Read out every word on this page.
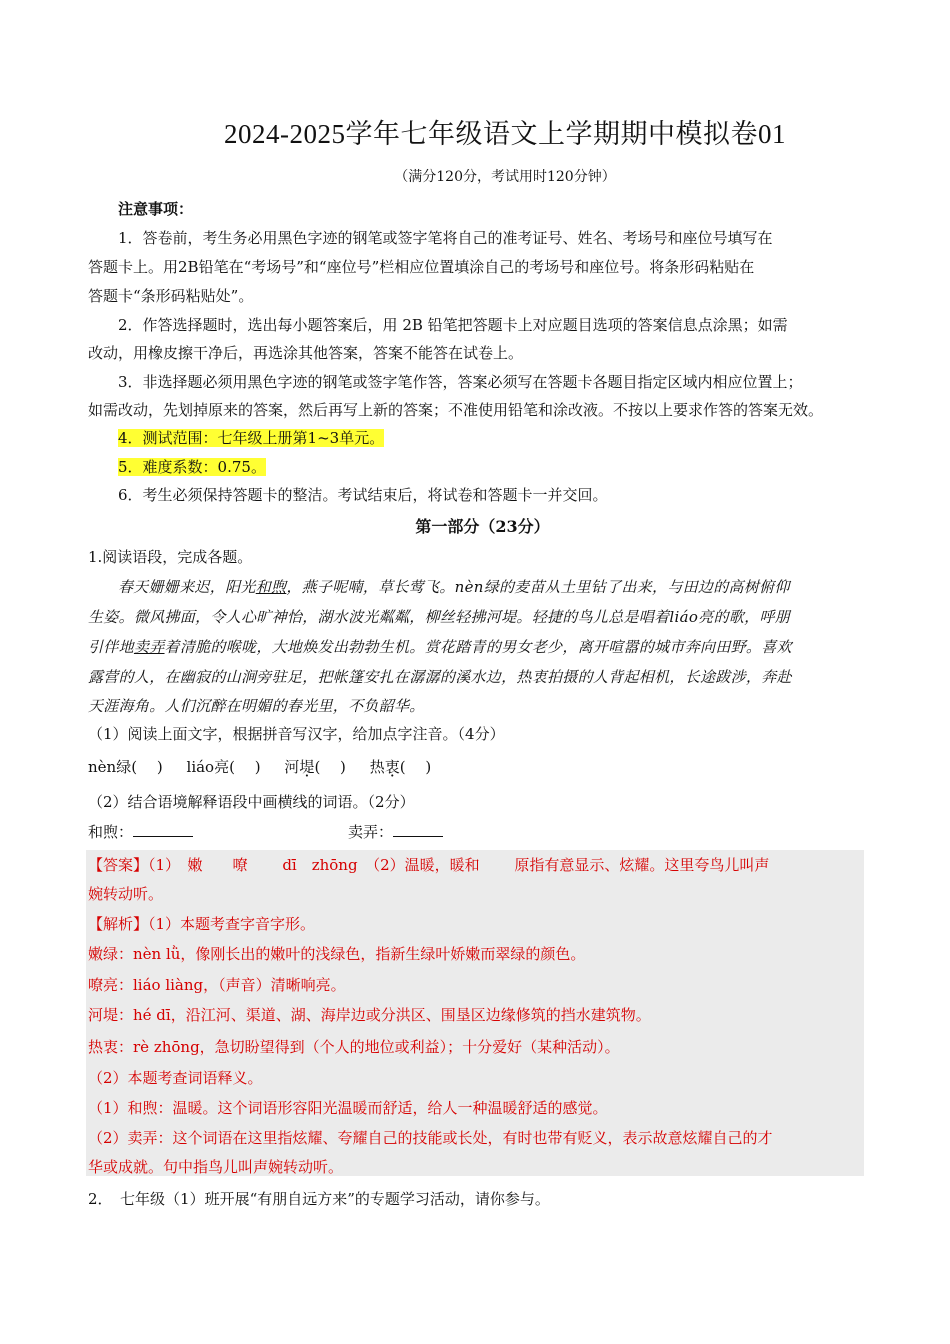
2024-2025学年七年级语文上学期期中模拟卷01
（满分120分，考试用时120分钟）
注意事项：
1．答卷前，考生务必用黑色字迹的钢笔或签字笔将自己的准考证号、姓名、考场号和座位号填写在
答题卡上。用2B铅笔在“考场号”和“座位号”栏相应位置填涂自己的考场号和座位号。将条形码粘贴在
答题卡“条形码粘贴处”。
2．作答选择题时，选出每小题答案后，用 2B 铅笔把答题卡上对应题目选项的答案信息点涂黑；如需
改动，用橡皮擦干净后，再选涂其他答案，答案不能答在试卷上。
3．非选择题必须用黑色字迹的钢笔或签字笔作答，答案必须写在答题卡各题目指定区域内相应位置上；
如需改动，先划掉原来的答案，然后再写上新的答案；不准使用铅笔和涂改液。不按以上要求作答的答案无效。
4．测试范围：七年级上册第1~3单元。
5．难度系数：0.75。
6．考生必须保持答题卡的整洁。考试结束后，将试卷和答题卡一并交回。
第一部分（23分）
1.阅读语段，完成各题。
春天姗姗来迟，阳光和煦，燕子呢喃，草长莺飞。nèn绿的麦苗从土里钻了出来，与田边的高树俯仰
生姿。微风拂面，令人心旷神怡，湖水波光粼粼，柳丝轻拂河堤。轻捷的鸟儿总是唱着liáo亮的歌，呼朋
引伴地卖弄着清脆的喉咙，大地焕发出勃勃生机。赏花踏青的男女老少，离开喧嚣的城市奔向田野。喜欢
露营的人，在幽寂的山涧旁驻足，把帐篷安扎在潺潺的溪水边，热衷拍摄的人背起相机，长途跋涉，奔赴
天涯海角。人们沉醉在明媚的春光里，不负韶华。
（1）阅读上面文字，根据拼音写汉字，给加点字注音。（4分）
nèn绿(　 ) liáo亮(　 ) 河堤(　 ) 热衷(　 )
（2）结合语境解释语段中画横线的词语。（2分）
和煦：	卖弄：
【答案】（1）　嫩　　嘹　　 dī　zhōng　（2）温暖，暖和　　 原指有意显示、炫耀。这里夸鸟儿叫声
婉转动听。
【解析】（1）本题考查字音字形。
嫩绿：nèn lǜ，像刚长出的嫩叶的浅绿色，指新生绿叶娇嫩而翠绿的颜色。
嘹亮：liáo liàng，（声音）清晰响亮。
河堤：hé dī，沿江河、渠道、湖、海岸边或分洪区、围垦区边缘修筑的挡水建筑物。
热衷：rè zhōng，急切盼望得到（个人的地位或利益）；十分爱好（某种活动）。
（2）本题考查词语释义。
（1）和煦：温暖。这个词语形容阳光温暖而舒适，给人一种温暖舒适的感觉。
（2）卖弄：这个词语在这里指炫耀、夸耀自己的技能或长处，有时也带有贬义，表示故意炫耀自己的才
华或成就。句中指鸟儿叫声婉转动听。
2．　七年级（1）班开展“有朋自远方来”的专题学习活动，请你参与。
